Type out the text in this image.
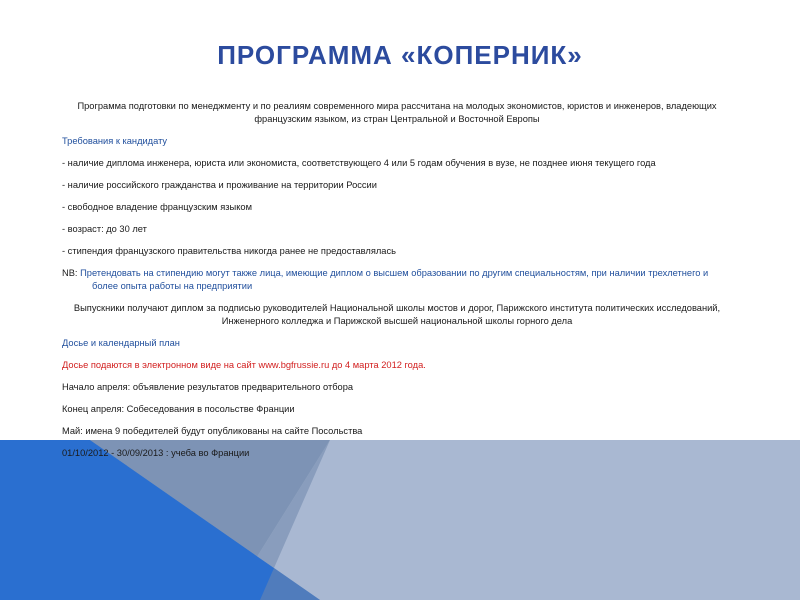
ПРОГРАММА «КОПЕРНИК»

Программа подготовки по менеджменту и по реалиям современного мира рассчитана на молодых экономистов, юристов и инженеров, владеющих французским языком, из стран Центральной и Восточной Европы

Требования к кандидату

- наличие диплома инженера, юриста или экономиста, соответствующего 4 или 5 годам обучения в вузе, не позднее июня текущего года

- наличие российского гражданства и проживание на территории России

- свободное владение французским языком

- возраст: до 30 лет

- стипендия французского правительства никогда ранее не предоставлялась

NB: Претендовать на стипендию могут также лица, имеющие диплом о высшем образовании по другим специальностям, при наличии трехлетнего и более опыта работы на предприятии

Выпускники получают диплом за подписью руководителей Национальной школы мостов и дорог, Парижского института политических исследований, Инженерного колледжа и Парижской высшей национальной школы горного дела

Досье и календарный план

Досье подаются в электронном виде на сайт www.bgfrussie.ru до 4 марта 2012 года.

Начало апреля: объявление результатов предварительного отбора

Конец апреля: Собеседования в посольстве Франции

Май: имена 9 победителей будут опубликованы на сайте Посольства

01/10/2012 - 30/09/2013 : учеба во Франции
